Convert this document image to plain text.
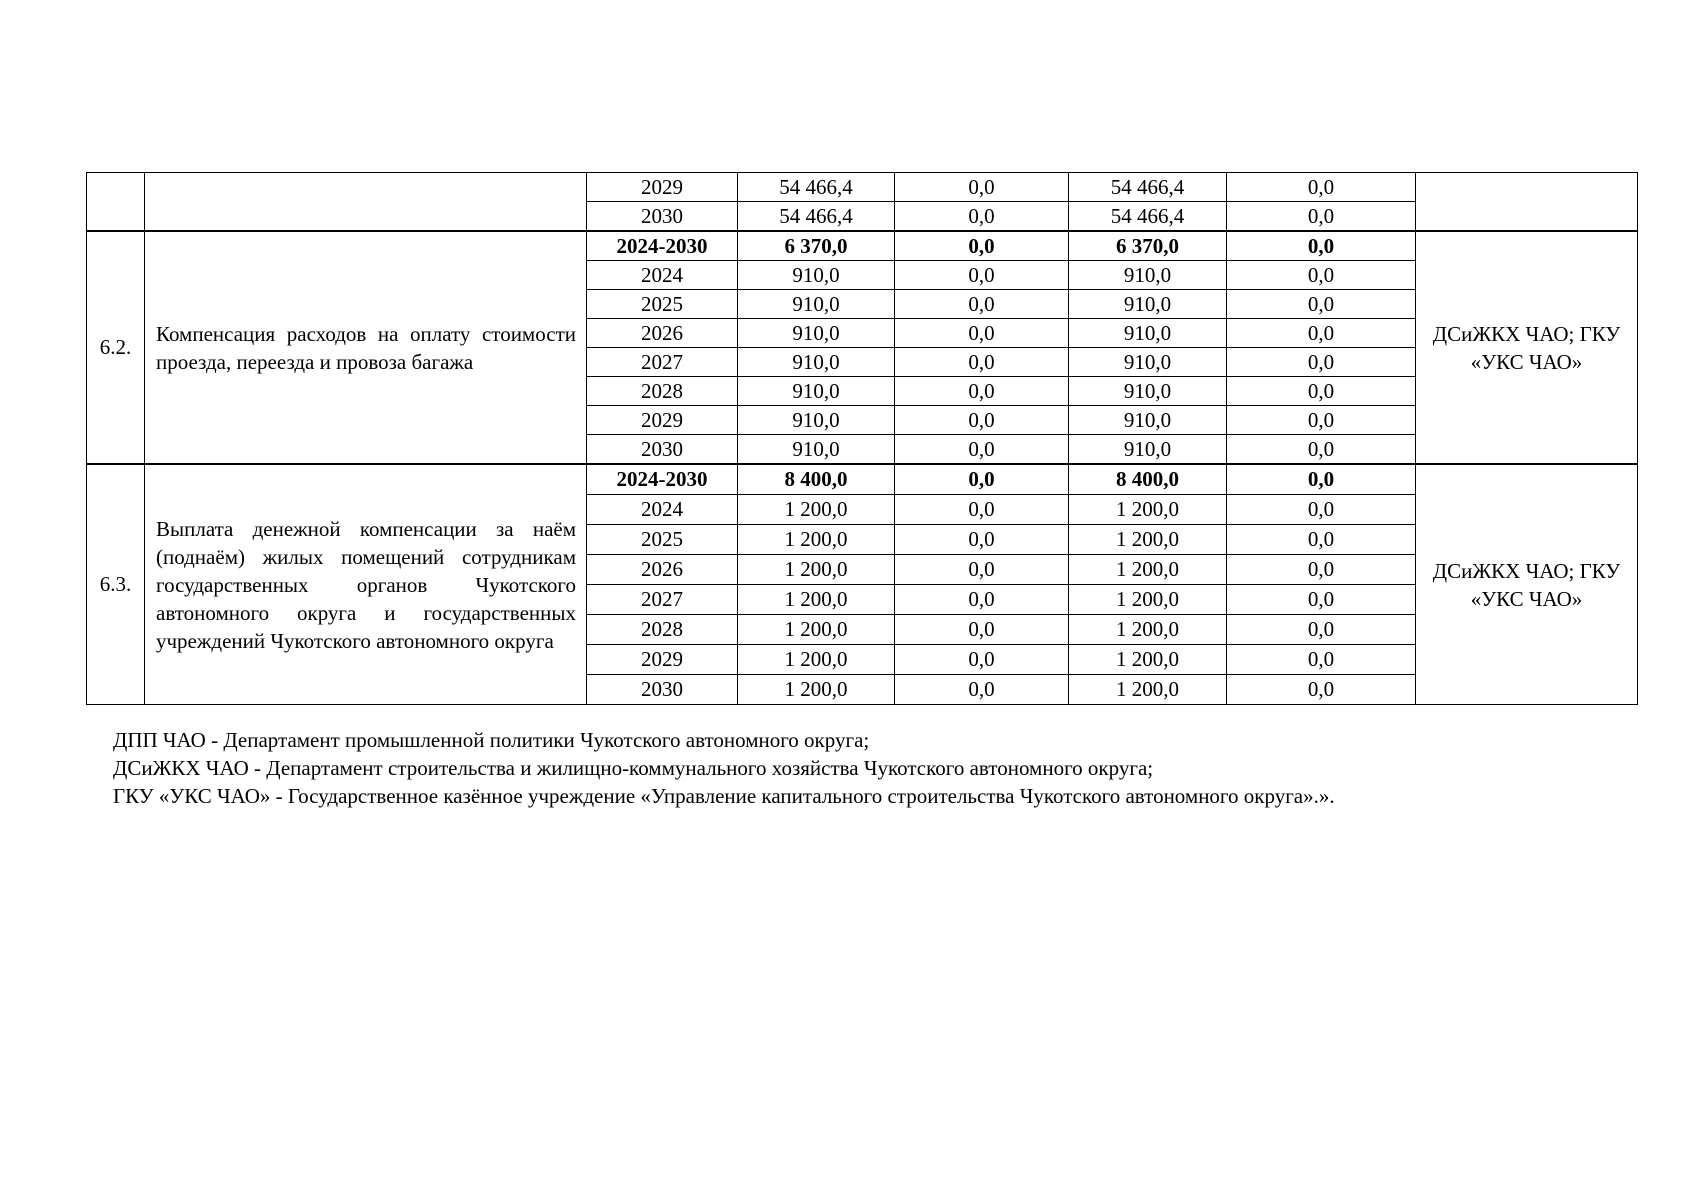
		2029	54 466,4	0,0	54 466,4	0,0	
		2030	54 466,4	0,0	54 466,4	0,0	
6.2.	Компенсация расходов на оплату стоимости проезда, переезда и провоза багажа	2024-2030	6 370,0	0,0	6 370,0	0,0	ДСиЖКХ ЧАО; ГКУ «УКС ЧАО»
		2024	910,0	0,0	910,0	0,0	
		2025	910,0	0,0	910,0	0,0	
		2026	910,0	0,0	910,0	0,0	
		2027	910,0	0,0	910,0	0,0	
		2028	910,0	0,0	910,0	0,0	
		2029	910,0	0,0	910,0	0,0	
		2030	910,0	0,0	910,0	0,0	
6.3.	Выплата денежной компенсации за наём (поднаём) жилых помещений сотрудникам государственных органов Чукотского автономного округа и государственных учреждений Чукотского автономного округа	2024-2030	8 400,0	0,0	8 400,0	0,0	ДСиЖКХ ЧАО; ГКУ «УКС ЧАО»
		2024	1 200,0	0,0	1 200,0	0,0	
		2025	1 200,0	0,0	1 200,0	0,0	
		2026	1 200,0	0,0	1 200,0	0,0	
		2027	1 200,0	0,0	1 200,0	0,0	
		2028	1 200,0	0,0	1 200,0	0,0	
		2029	1 200,0	0,0	1 200,0	0,0	
		2030	1 200,0	0,0	1 200,0	0,0	

ДПП ЧАО - Департамент промышленной политики Чукотского автономного округа;

ДСиЖКХ ЧАО - Департамент строительства и жилищно-коммунального хозяйства Чукотского автономного округа;

ГКУ «УКС ЧАО» - Государственное казённое учреждение «Управление капитального строительства Чукотского автономного округа».».
